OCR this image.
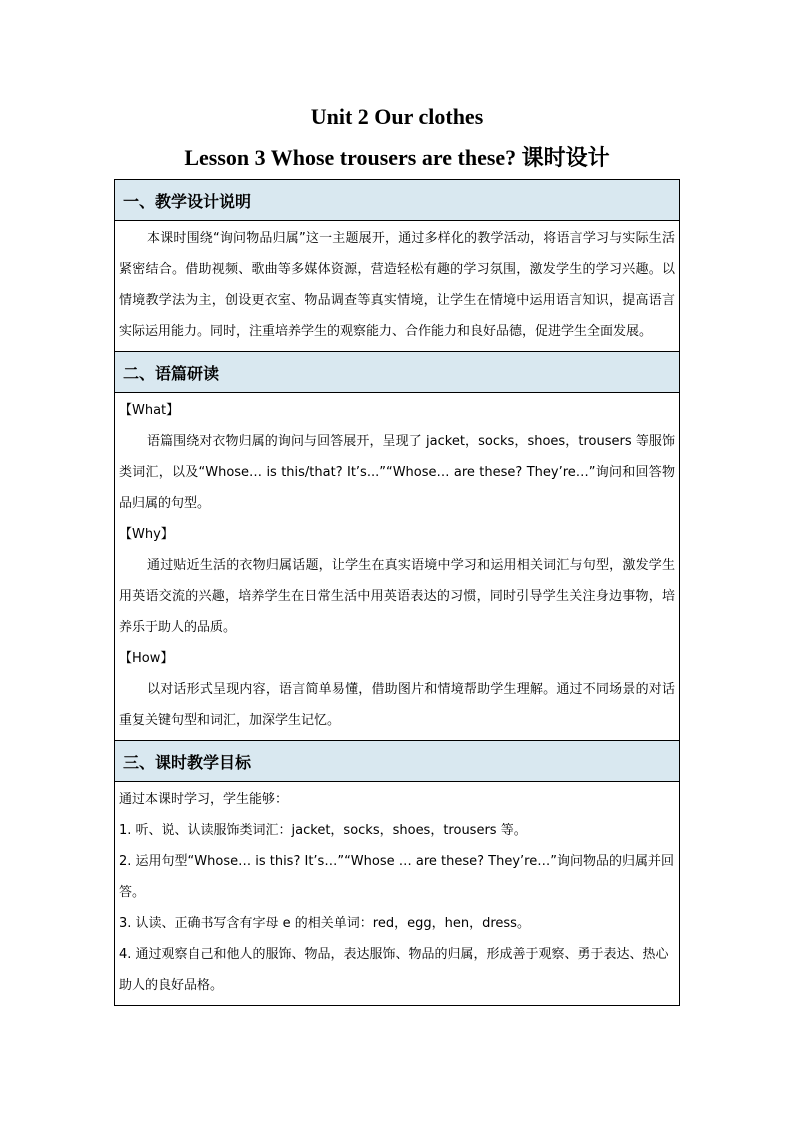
Unit 2 Our clothes
Lesson 3 Whose trousers are these? 课时设计
一、教学设计说明

本课时围绕“询问物品归属”这一主题展开，通过多样化的教学活动，将语言学习与实际生活紧密结合。借助视频、歌曲等多媒体资源，营造轻松有趣的学习氛围，激发学生的学习兴趣。以情境教学法为主，创设更衣室、物品调查等真实情境，让学生在情境中运用语言知识，提高语言实际运用能力。同时，注重培养学生的观察能力、合作能力和良好品德，促进学生全面发展。

二、语篇研读

【What】

语篇围绕对衣物归属的询问与回答展开，呈现了 jacket，socks，shoes，trousers 等服饰类词汇，以及“Whose… is this/that? It’s...”“Whose… are these? They’re…”询问和回答物品归属的句型。

【Why】

通过贴近生活的衣物归属话题，让学生在真实语境中学习和运用相关词汇与句型，激发学生用英语交流的兴趣，培养学生在日常生活中用英语表达的习惯，同时引导学生关注身边事物，培养乐于助人的品质。

【How】

以对话形式呈现内容，语言简单易懂，借助图片和情境帮助学生理解。通过不同场景的对话重复关键句型和词汇，加深学生记忆。

三、课时教学目标

通过本课时学习，学生能够：

1. 听、说、认读服饰类词汇：jacket，socks，shoes，trousers 等。

2. 运用句型“Whose… is this? It’s…”“Whose … are these? They’re…”询问物品的归属并回答。

3. 认读、正确书写含有字母 e 的相关单词：red，egg，hen，dress。

4. 通过观察自己和他人的服饰、物品，表达服饰、物品的归属，形成善于观察、勇于表达、热心助人的良好品格。
